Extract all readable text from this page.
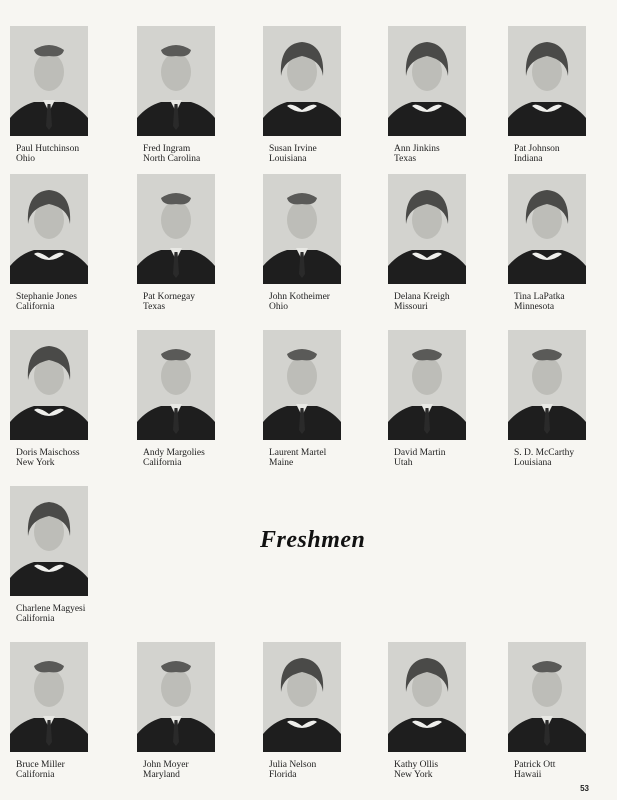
Paul Hutchinson
Ohio
Fred Ingram
North Carolina
Susan Irvine
Louisiana
Ann Jinkins
Texas
Pat Johnson
Indiana
Stephanie Jones
California
Pat Kornegay
Texas
John Kotheimer
Ohio
Delana Kreigh
Missouri
Tina LaPatka
Minnesota
Doris Maischoss
New York
Andy Margolies
California
Laurent Martel
Maine
David Martin
Utah
S. D. McCarthy
Louisiana
Charlene Magyesi
California
Bruce Miller
California
John Moyer
Maryland
Julia Nelson
Florida
Kathy Ollis
New York
Patrick Ott
Hawaii
Freshmen
53
